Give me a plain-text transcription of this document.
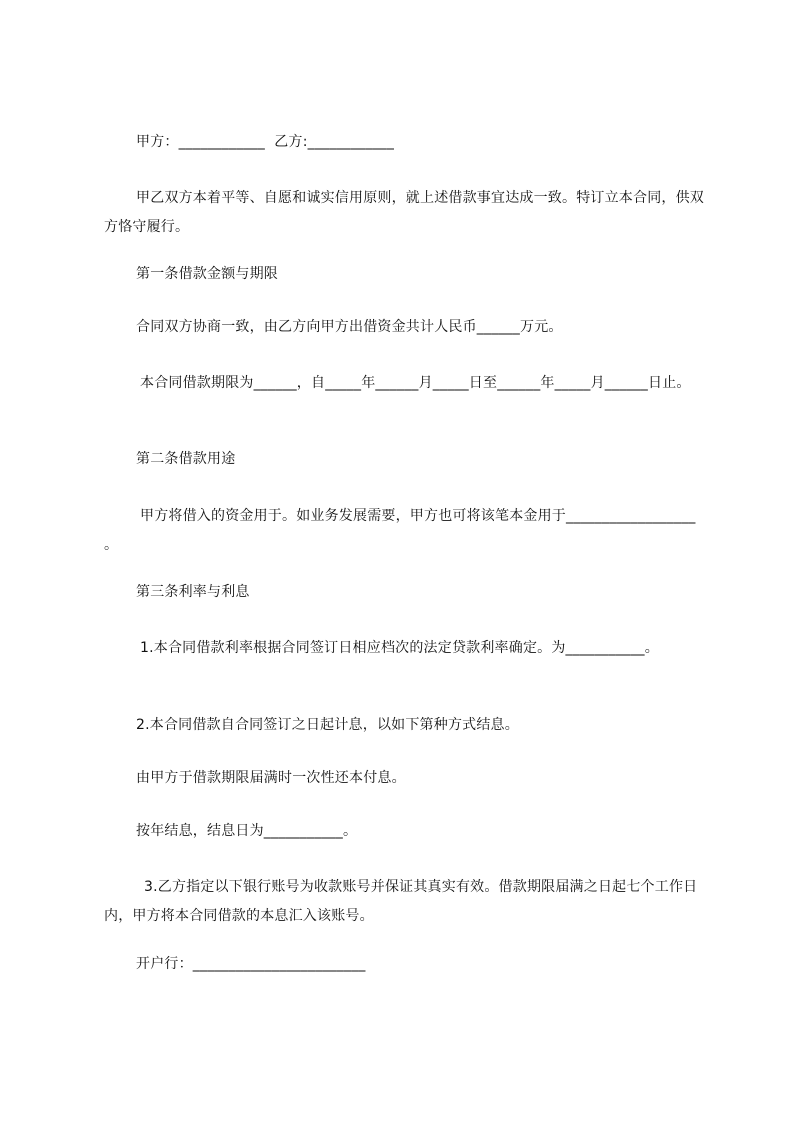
甲方：____________  乙方:____________
甲乙双方本着平等、自愿和诚实信用原则，就上述借款事宜达成一致。特订立本合同，供双方恪守履行。
第一条借款金额与期限
合同双方协商一致，由乙方向甲方出借资金共计人民币______万元。
本合同借款期限为______，自_____年______月_____日至______年_____月______日止。
第二条借款用途
甲方将借入的资金用于。如业务发展需要，甲方也可将该笔本金用于__________________。
第三条利率与利息
1.本合同借款利率根据合同签订日相应档次的法定贷款利率确定。为___________。
2.本合同借款自合同签订之日起计息，以如下第种方式结息。
由甲方于借款期限届满时一次性还本付息。
按年结息，结息日为___________。
3.乙方指定以下银行账号为收款账号并保证其真实有效。借款期限届满之日起七个工作日内，甲方将本合同借款的本息汇入该账号。
开户行：________________________
